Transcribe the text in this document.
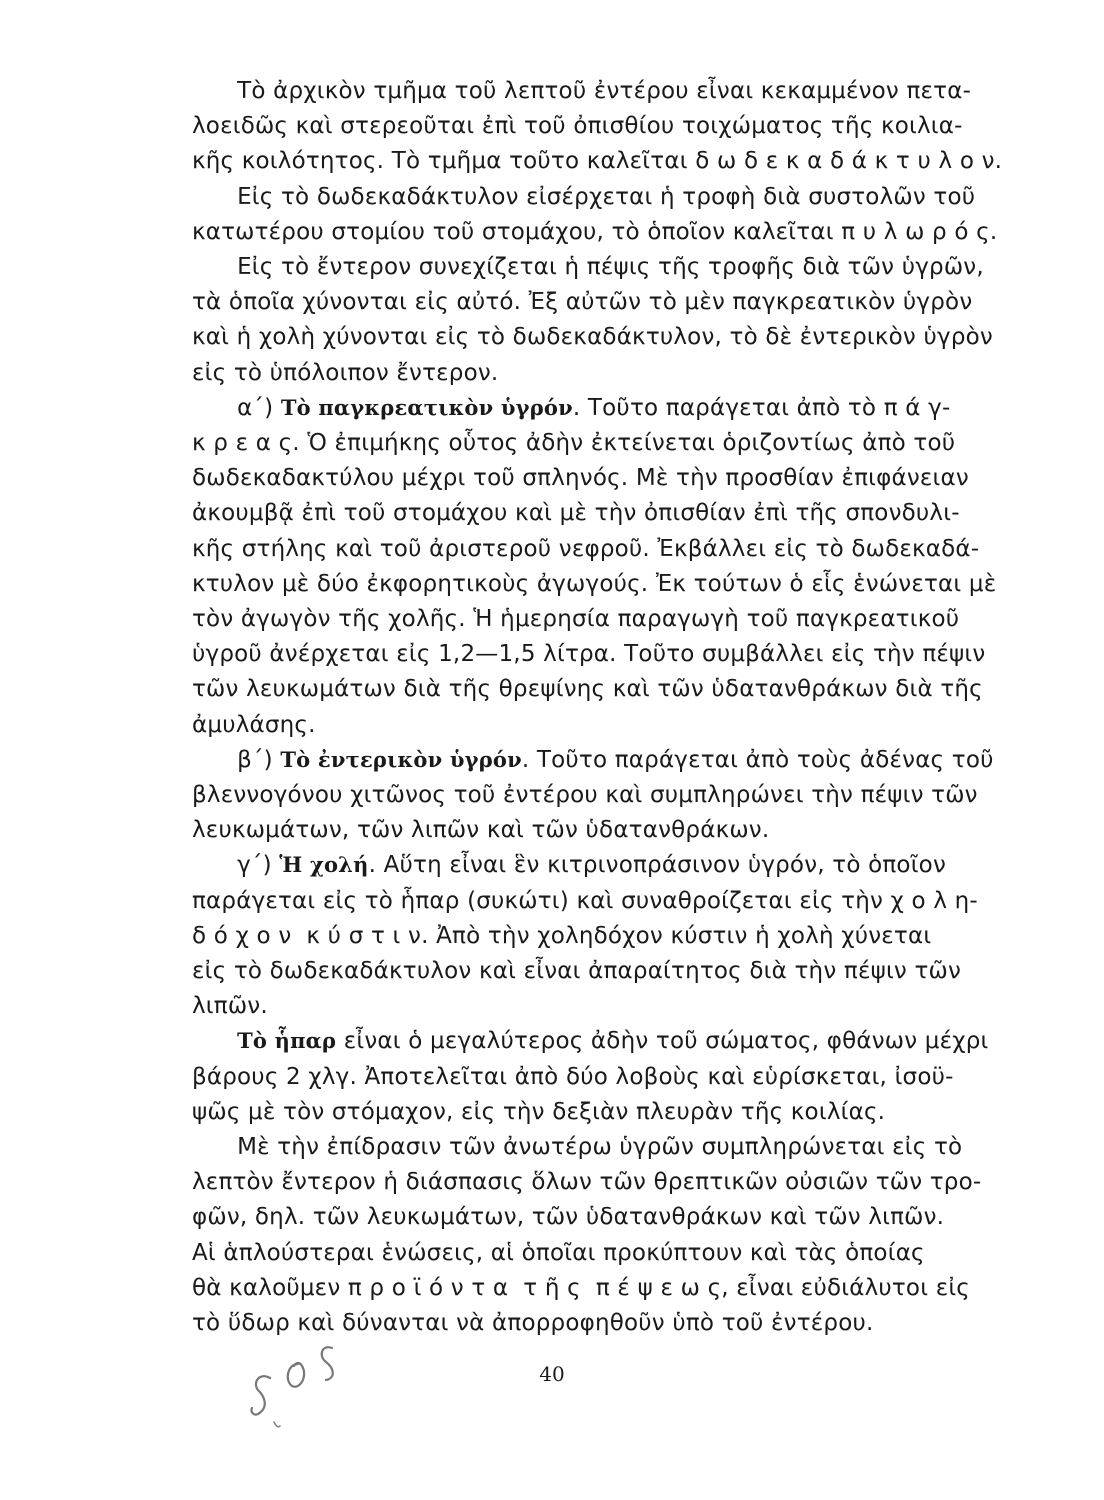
Τὸ ἀρχικὸν τμῆμα τοῦ λεπτοῦ ἐντέρου εἶναι κεκαμμένον πετα-
λοειδῶς καὶ στερεοῦται ἐπὶ τοῦ ὀπισθίου τοιχώματος τῆς κοιλια-
κῆς κοιλότητος. Τὸ τμῆμα τοῦτο καλεῖται δ ω δ ε κ α δ ά κ τ υ λ ο ν.
Εἰς τὸ δωδεκαδάκτυλον εἰσέρχεται ἡ τροφὴ διὰ συστολῶν τοῦ
κατωτέρου στομίου τοῦ στομάχου, τὸ ὁποῖον καλεῖται π υ λ ω ρ ό ς.
Εἰς τὸ ἔντερον συνεχίζεται ἡ πέψις τῆς τροφῆς διὰ τῶν ὑγρῶν,
τὰ ὁποῖα χύνονται εἰς αὐτό. Ἐξ αὐτῶν τὸ μὲν παγκρεατικὸν ὑγρὸν
καὶ ἡ χολὴ χύνονται εἰς τὸ δωδεκαδάκτυλον, τὸ δὲ ἐντερικὸν ὑγρὸν
εἰς τὸ ὑπόλοιπον ἔντερον.
α΄) Τὸ παγκρεατικὸν ὑγρόν. Τοῦτο παράγεται ἀπὸ τὸ π ά γ-
κ ρ ε α ς. Ὁ ἐπιμήκης οὗτος ἀδὴν ἐκτείνεται ὁριζοντίως ἀπὸ τοῦ
δωδεκαδακτύλου μέχρι τοῦ σπληνός. Μὲ τὴν προσθίαν ἐπιφάνειαν
ἀκουμβᾷ ἐπὶ τοῦ στομάχου καὶ μὲ τὴν ὀπισθίαν ἐπὶ τῆς σπονδυλι-
κῆς στήλης καὶ τοῦ ἀριστεροῦ νεφροῦ. Ἐκβάλλει εἰς τὸ δωδεκαδά-
κτυλον μὲ δύο ἐκφορητικοὺς ἀγωγούς. Ἐκ τούτων ὁ εἷς ἑνώνεται μὲ
τὸν ἀγωγὸν τῆς χολῆς. Ἡ ἡμερησία παραγωγὴ τοῦ παγκρεατικοῦ
ὑγροῦ ἀνέρχεται εἰς 1,2—1,5 λίτρα. Τοῦτο συμβάλλει εἰς τὴν πέψιν
τῶν λευκωμάτων διὰ τῆς θρεψίνης καὶ τῶν ὑδατανθράκων διὰ τῆς
ἀμυλάσης.
β΄) Τὸ ἐντερικὸν ὑγρόν. Τοῦτο παράγεται ἀπὸ τοὺς ἀδένας τοῦ
βλεννογόνου χιτῶνος τοῦ ἐντέρου καὶ συμπληρώνει τὴν πέψιν τῶν
λευκωμάτων, τῶν λιπῶν καὶ τῶν ὑδατανθράκων.
γ΄) Ἡ χολή. Αὕτη εἶναι ἓν κιτρινοπράσινον ὑγρόν, τὸ ὁποῖον
παράγεται εἰς τὸ ἧπαρ (συκώτι) καὶ συναθροίζεται εἰς τὴν χ ο λ η-
δ ό χ ο ν  κ ύ σ τ ι ν. Ἀπὸ τὴν χοληδόχον κύστιν ἡ χολὴ χύνεται
εἰς τὸ δωδεκαδάκτυλον καὶ εἶναι ἀπαραίτητος διὰ τὴν πέψιν τῶν
λιπῶν.
Τὸ ἧπαρ εἶναι ὁ μεγαλύτερος ἀδὴν τοῦ σώματος, φθάνων μέχρι
βάρους 2 χλγ. Ἀποτελεῖται ἀπὸ δύο λοβοὺς καὶ εὑρίσκεται, ἰσοϋ-
ψῶς μὲ τὸν στόμαχον, εἰς τὴν δεξιὰν πλευρὰν τῆς κοιλίας.
Μὲ τὴν ἐπίδρασιν τῶν ἀνωτέρω ὑγρῶν συμπληρώνεται εἰς τὸ
λεπτὸν ἔντερον ἡ διάσπασις ὅλων τῶν θρεπτικῶν οὐσιῶν τῶν τρο-
φῶν, δηλ. τῶν λευκωμάτων, τῶν ὑδατανθράκων καὶ τῶν λιπῶν.
Αἱ ἁπλούστεραι ἑνώσεις, αἱ ὁποῖαι προκύπτουν καὶ τὰς ὁποίας
θὰ καλοῦμεν π ρ ο ϊ ό ν τ α  τ ῆ ς  π έ ψ ε ω ς, εἶναι εὐδιάλυτοι εἰς
τὸ ὕδωρ καὶ δύνανται νὰ ἀπορροφηθοῦν ὑπὸ τοῦ ἐντέρου.
40
